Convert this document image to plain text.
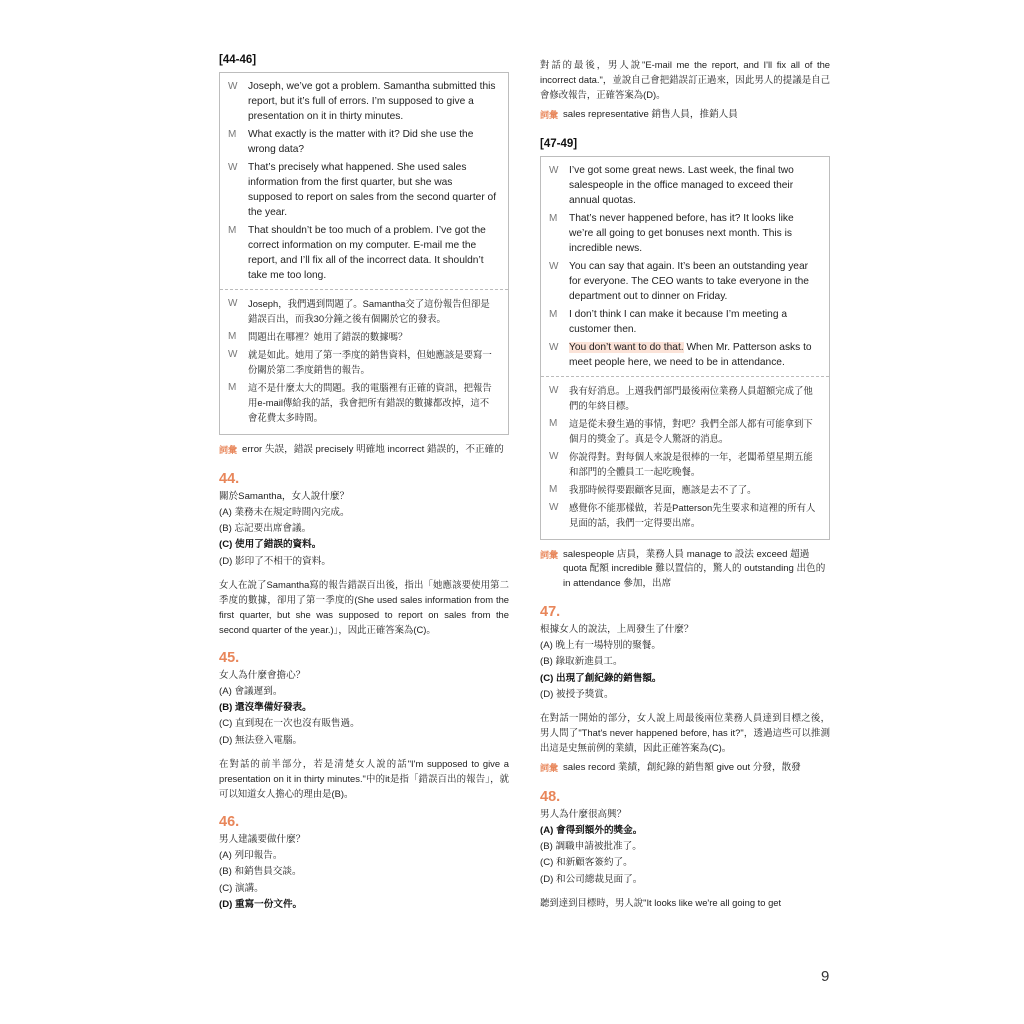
[44-46]
W	Joseph, we’ve got a problem. Samantha submitted this report, but it’s full of errors. I’m supposed to give a presentation on it in thirty minutes.
M	What exactly is the matter with it? Did she use the wrong data?
W	That’s precisely what happened. She used sales information from the first quarter, but she was supposed to report on sales from the second quarter of the year.
M	That shouldn’t be too much of a problem. I’ve got the correct information on my computer. E-mail me the report, and I’ll fix all of the incorrect data. It shouldn’t take me too long.
W	Joseph，我們遇到問題了。Samantha交了這份報告但卻是錯誤百出，而我30分鐘之後有個關於它的發表。
M	問題出在哪裡？她用了錯誤的數據嗎？
W	就是如此。她用了第一季度的銷售資料，但她應該是要寫一份關於第二季度銷售的報告。
M	這不是什麼太大的問題。我的電腦裡有正確的資訊，把報告用e-mail傳給我的話，我會把所有錯誤的數據都改掉，這不會花費太多時間。
詞彙 error 失誤，錯誤 precisely 明確地 incorrect 錯誤的，不正確的
44.
關於Samantha，女人說什麼？
(A) 業務未在規定時間內完成。
(B) 忘記要出席會議。
(C) 使用了錯誤的資料。
(D) 影印了不相干的資料。
女人在說了Samantha寫的報告錯誤百出後，指出「她應該要使用第二季度的數據，卻用了第一季度的(She used sales information from the first quarter, but she was supposed to report on sales from the second quarter of the year.)」，因此正確答案為(C)。
45.
女人為什麼會擔心？
(A) 會議遲到。
(B) 還沒準備好發表。
(C) 直到現在一次也沒有販售過。
(D) 無法登入電腦。
在對話的前半部分，若是清楚女人說的話"I'm supposed to give a presentation on it in thirty minutes."中的it是指「錯誤百出的報告」，就可以知道女人擔心的理由是(B)。
46.
男人建議要做什麼？
(A) 列印報告。
(B) 和銷售員交談。
(C) 演講。
(D) 重寫一份文件。
對話的最後，男人說"E-mail me the report, and I'll fix all of the incorrect data."，並說自己會把錯誤訂正過來，因此男人的提議是自己會修改報告，正確答案為(D)。
詞彙 sales representative 銷售人員，推銷人員
[47-49]
W	I’ve got some great news. Last week, the final two salespeople in the office managed to exceed their annual quotas.
M	That’s never happened before, has it? It looks like we’re all going to get bonuses next month. This is incredible news.
W	You can say that again. It’s been an outstanding year for everyone. The CEO wants to take everyone in the department out to dinner on Friday.
M	I don’t think I can make it because I’m meeting a customer then.
W	You don’t want to do that. When Mr. Patterson asks to meet people here, we need to be in attendance.
W	我有好消息。上週我們部門最後兩位業務人員超額完成了他們的年終目標。
M	這是從未發生過的事情，對吧？我們全部人都有可能拿到下個月的獎金了。真是令人驚訝的消息。
W	你說得對。對每個人來說是很棒的一年，老闆希望星期五能和部門的全體員工一起吃晚餐。
M	我那時候得要跟顧客見面，應該是去不了了。
W	感覺你不能那樣做，若是Patterson先生要求和這裡的所有人見面的話，我們一定得要出席。
詞彙 salespeople 店員，業務人員 manage to 設法 exceed 超過 quota 配額 incredible 難以置信的，驚人的 outstanding 出色的 in attendance 參加，出席
47.
根據女人的說法，上周發生了什麼？
(A) 晚上有一場特別的聚餐。
(B) 錄取新進員工。
(C) 出現了創紀錄的銷售額。
(D) 被授予獎賞。
在對話一開始的部分，女人說上周最後兩位業務人員達到目標之後，男人問了"That's never happened before, has it?"，透過這些可以推測出這是史無前例的業績，因此正確答案為(C)。
詞彙 sales record 業績，創紀錄的銷售額 give out 分發，散發
48.
男人為什麼很高興？
(A) 會得到額外的獎金。
(B) 調職申請被批准了。
(C) 和新顧客簽約了。
(D) 和公司總裁見面了。
聽到達到目標時，男人說"It looks like we're all going to get
9
